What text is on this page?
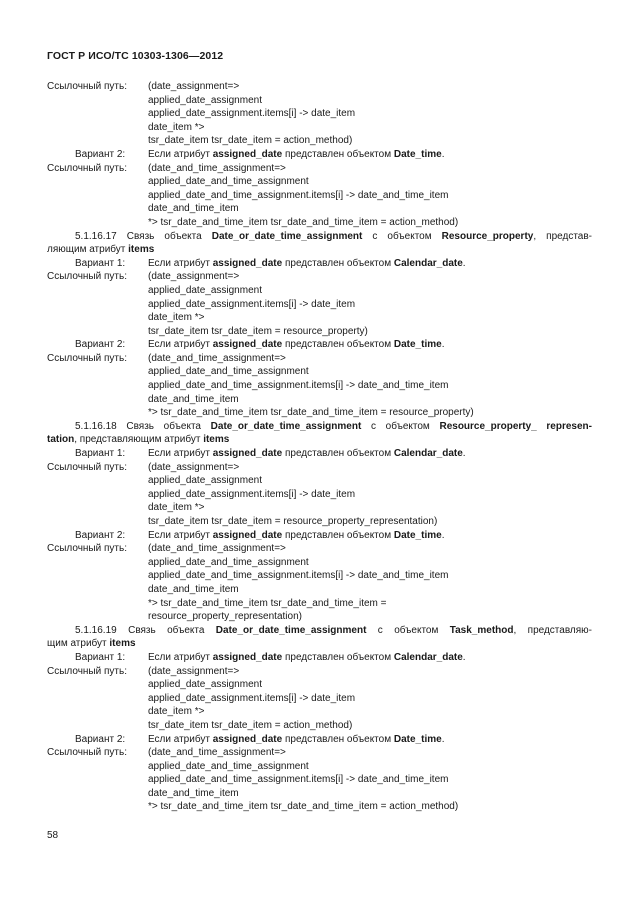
ГОСТ Р ИСО/ТС 10303-1306—2012
Ссылочный путь: (date_assignment=>
applied_date_assignment
applied_date_assignment.items[i] -> date_item
date_item *>
tsr_date_item tsr_date_item = action_method)
Вариант 2: Если атрибут assigned_date представлен объектом Date_time.
Ссылочный путь: (date_and_time_assignment=>
applied_date_and_time_assignment
applied_date_and_time_assignment.items[i] -> date_and_time_item
date_and_time_item
*> tsr_date_and_time_item tsr_date_and_time_item = action_method)
5.1.16.17 Связь объекта Date_or_date_time_assignment с объектом Resource_property, представ-
ляющим атрибут items
Вариант 1: Если атрибут assigned_date представлен объектом Calendar_date.
Ссылочный путь: (date_assignment=>
applied_date_assignment
applied_date_assignment.items[i] -> date_item
date_item *>
tsr_date_item tsr_date_item = resource_property)
Вариант 2: Если атрибут assigned_date представлен объектом Date_time.
Ссылочный путь: (date_and_time_assignment=>
applied_date_and_time_assignment
applied_date_and_time_assignment.items[i] -> date_and_time_item
date_and_time_item
*> tsr_date_and_time_item tsr_date_and_time_item = resource_property)
5.1.16.18 Связь объекта Date_or_date_time_assignment с объектом Resource_property_ represen-
tation, представляющим атрибут items
Вариант 1: Если атрибут assigned_date представлен объектом Calendar_date.
Ссылочный путь: (date_assignment=>
applied_date_assignment
applied_date_assignment.items[i] -> date_item
date_item *>
tsr_date_item tsr_date_item = resource_property_representation)
Вариант 2: Если атрибут assigned_date представлен объектом Date_time.
Ссылочный путь: (date_and_time_assignment=>
applied_date_and_time_assignment
applied_date_and_time_assignment.items[i] -> date_and_time_item
date_and_time_item
*> tsr_date_and_time_item tsr_date_and_time_item =
resource_property_representation)
5.1.16.19 Связь объекта Date_or_date_time_assignment с объектом Task_method, представляю-
щим атрибут items
Вариант 1: Если атрибут assigned_date представлен объектом Calendar_date.
Ссылочный путь: (date_assignment=>
applied_date_assignment
applied_date_assignment.items[i] -> date_item
date_item *>
tsr_date_item tsr_date_item = action_method)
Вариант 2: Если атрибут assigned_date представлен объектом Date_time.
Ссылочный путь: (date_and_time_assignment=>
applied_date_and_time_assignment
applied_date_and_time_assignment.items[i] -> date_and_time_item
date_and_time_item
*> tsr_date_and_time_item tsr_date_and_time_item = action_method)
58
